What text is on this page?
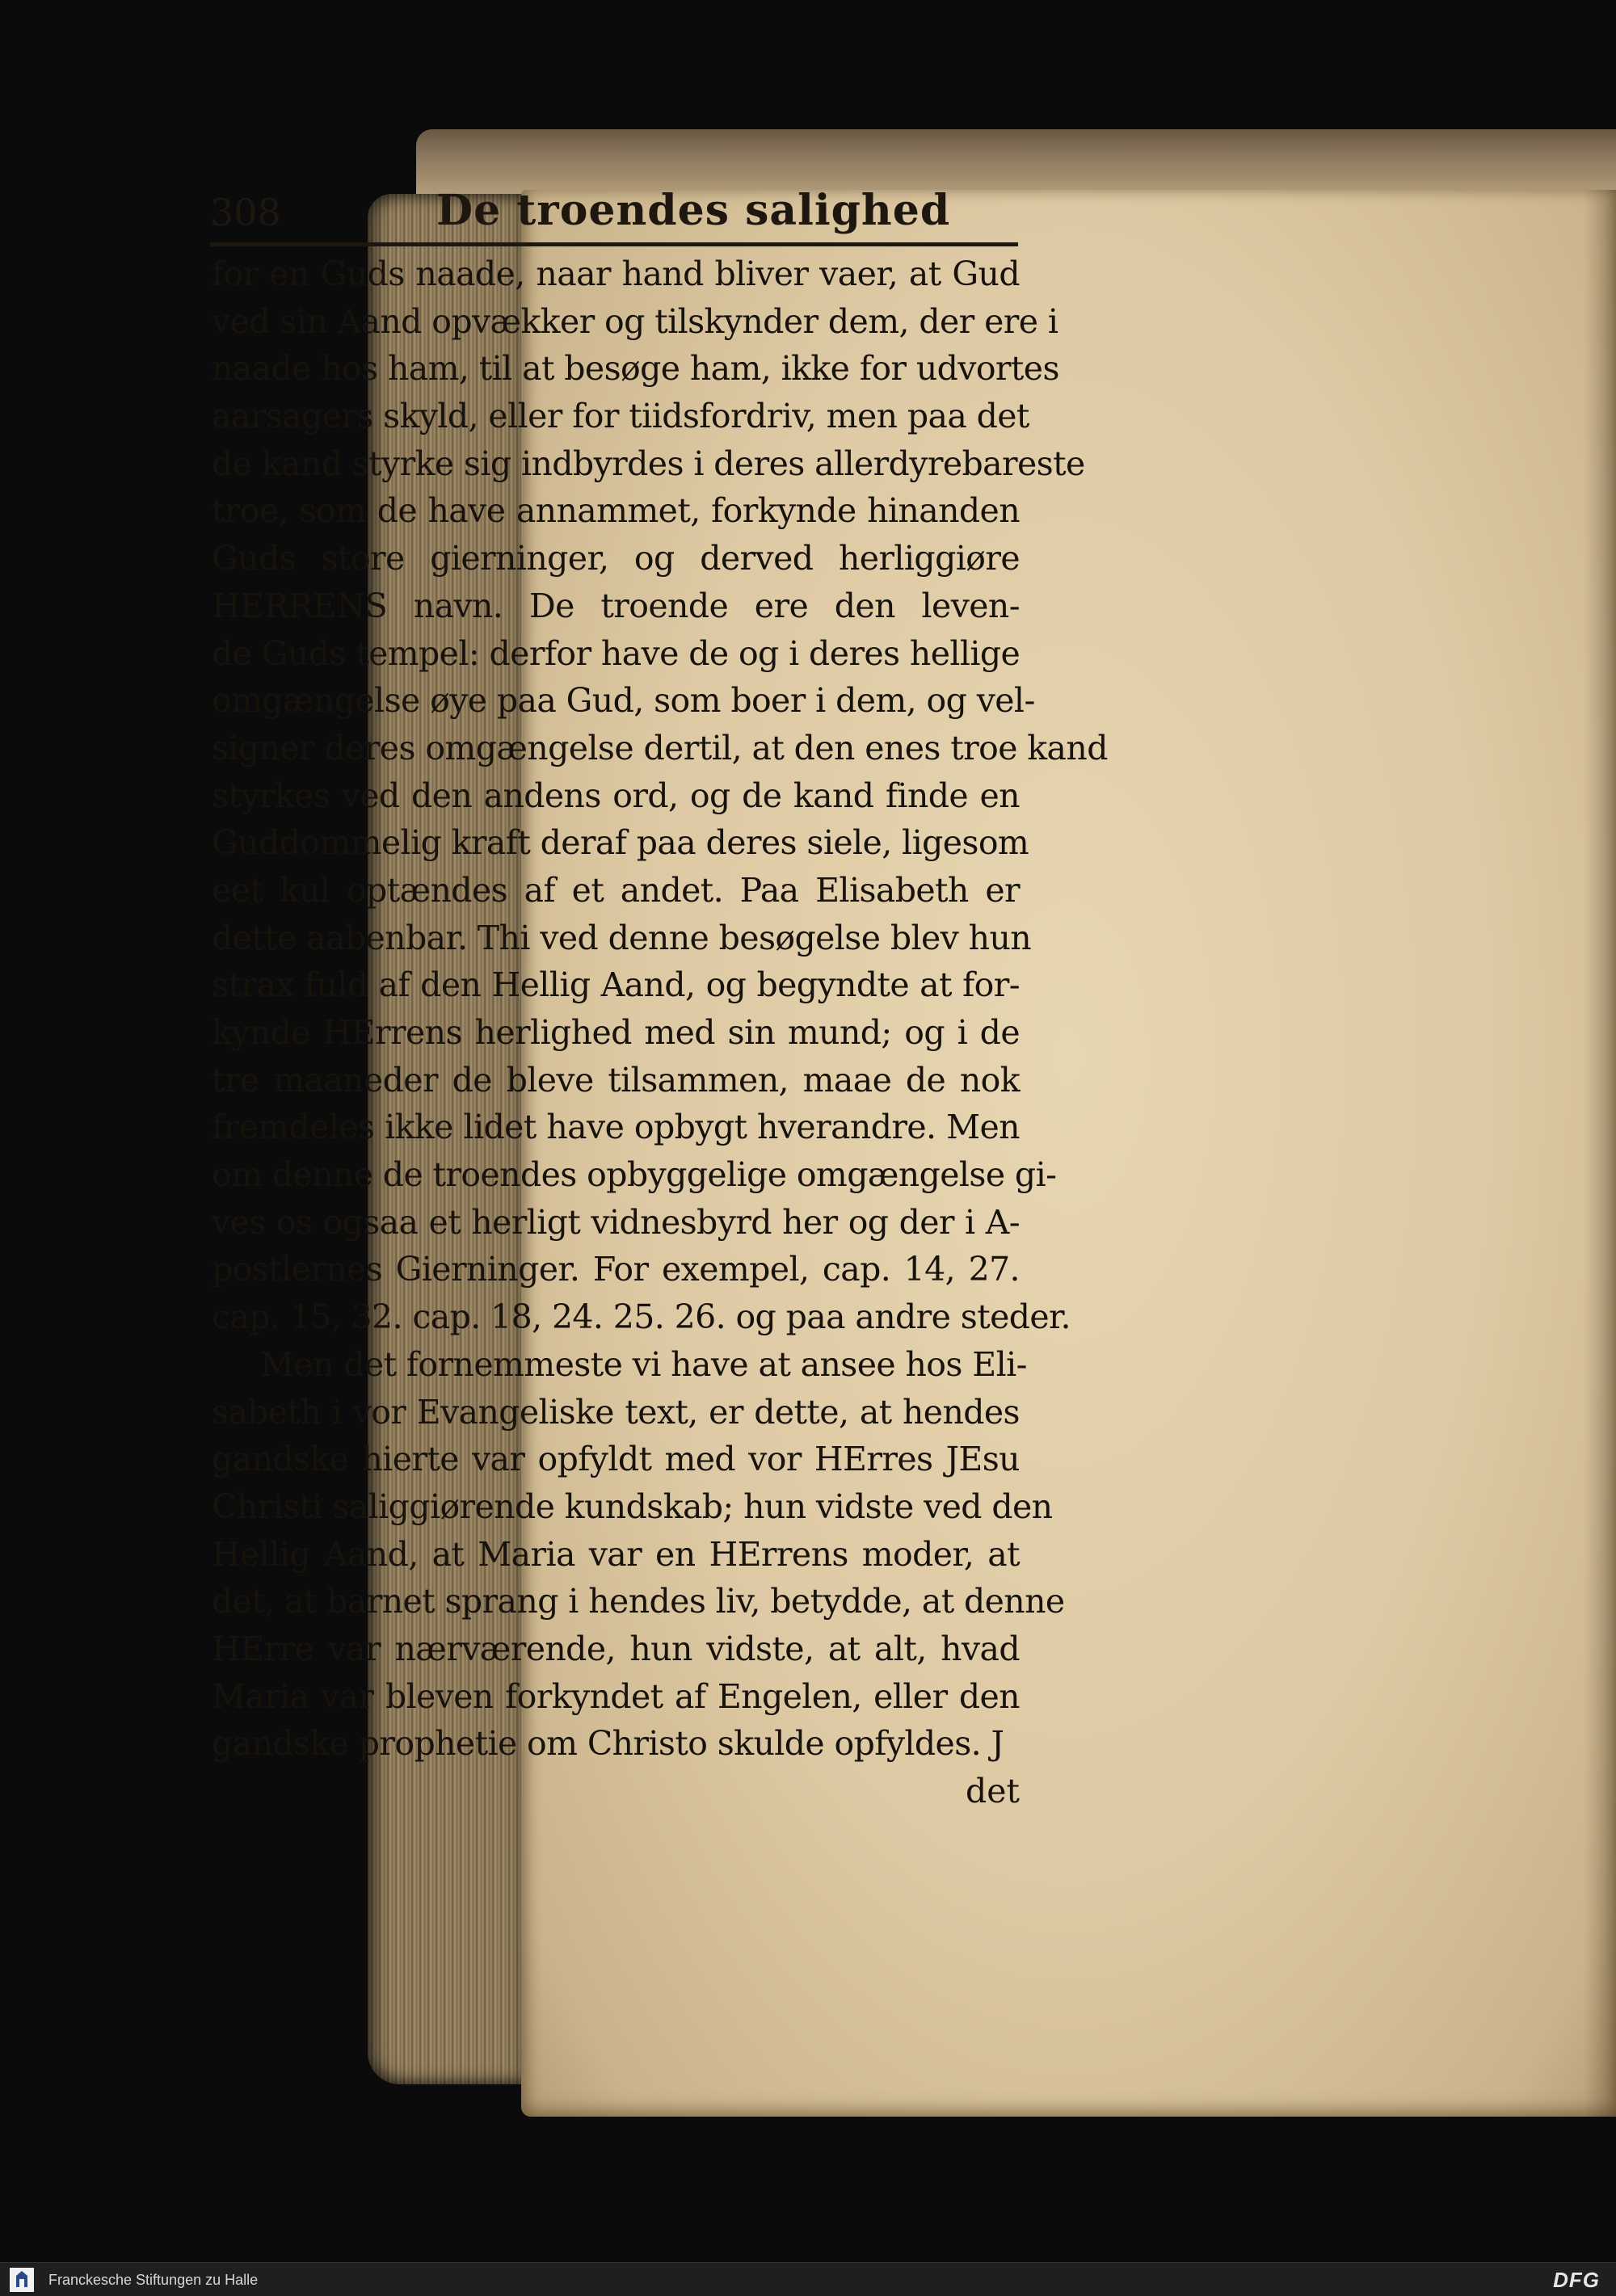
308	De troendes salighed
for en Guds naade, naar hand bliver vaer, at Gud
ved sin Aand opvækker og tilskynder dem, der ere i
naade hos ham, til at besøge ham, ikke for udvortes
aarsagers skyld, eller for tiidsfordriv, men paa det
de kand styrke sig indbyrdes i deres allerdyrebareste
troe, som de have annammet, forkynde hinanden
Guds store gierninger, og derved herliggiøre
HERRENS navn. De troende ere den leven-
de Guds tempel: derfor have de og i deres hellige
omgængelse øye paa Gud, som boer i dem, og vel-
signer deres omgængelse dertil, at den enes troe kand
styrkes ved den andens ord, og de kand finde en
Guddommelig kraft deraf paa deres siele, ligesom
eet kul optændes af et andet. Paa Elisabeth er
dette aabenbar. Thi ved denne besøgelse blev hun
strax fuld af den Hellig Aand, og begyndte at for-
kynde HErrens herlighed med sin mund; og i de
tre maaneder de bleve tilsammen, maae de nok
fremdeles ikke lidet have opbygt hverandre. Men
om denne de troendes opbyggelige omgængelse gi-
ves os ogsaa et herligt vidnesbyrd her og der i A-
postlernes Gierninger. For exempel, cap. 14, 27.
cap. 15, 32. cap. 18, 24. 25. 26. og paa andre steder.
Men det fornemmeste vi have at ansee hos Eli-
sabeth i vor Evangeliske text, er dette, at hendes
gandske hierte var opfyldt med vor HErres JEsu
Christi saliggiørende kundskab; hun vidste ved den
Hellig Aand, at Maria var en HErrens moder, at
det, at barnet sprang i hendes liv, betydde, at denne
HErre var nærværende, hun vidste, at alt, hvad
Maria var bleven forkyndet af Engelen, eller den
gandske prophetie om Christo skulde opfyldes. J
det
Franckesche Stiftungen zu Halle	DFG
